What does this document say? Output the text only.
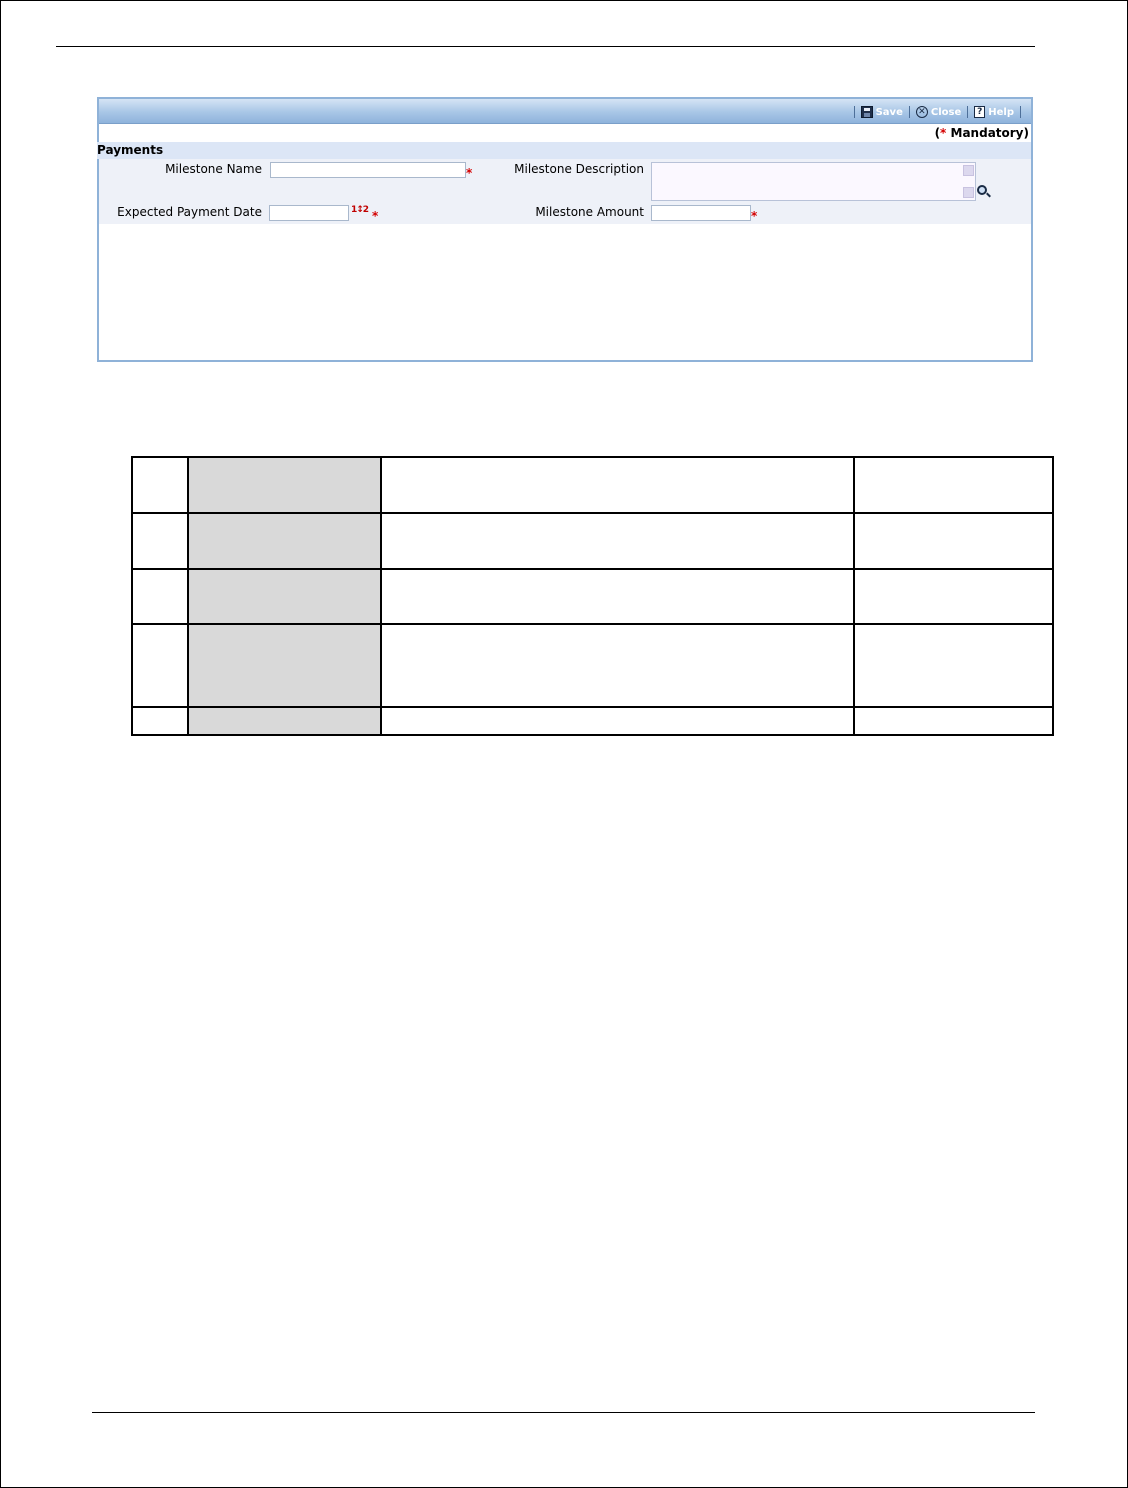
Save ✕ Close	? Help
(* Mandatory)
Payments
Milestone Name	*	Milestone Description
Expected Payment Date	1↕2 *	Milestone Amount	*
